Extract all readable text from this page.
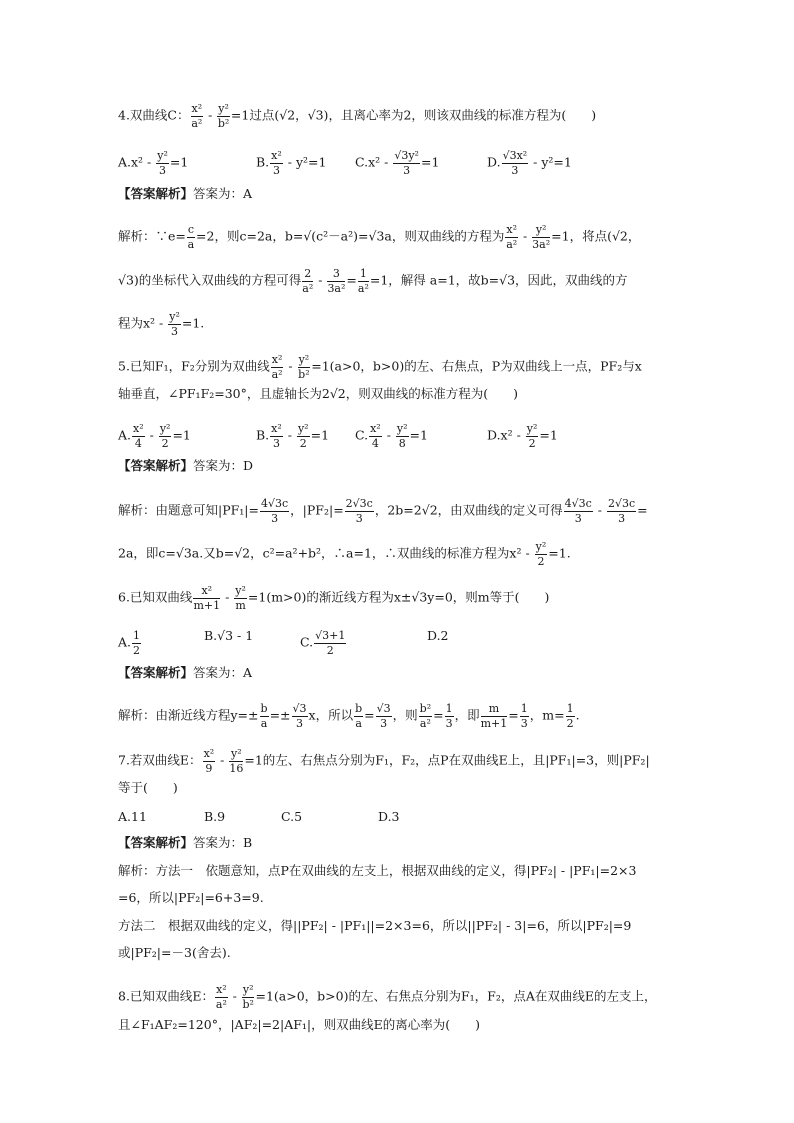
4.双曲线C： $\frac{\text{x²}}{\text{a²}} - \frac{\text{y²}}{\text{b²}} =1$过点(√2，√3)，且离心率为2，则该双曲线的标准方程为(　　)
$A.x^2 - \frac{\text{y²}}{3} =1$	B. $\frac{\text{x²}}{3} - y^2=1$ $C.x^2 - \frac{\text{√3y²}}{3} =1$	D. $\frac{\text{√3x²}}{3} - y^2=1$
【答案解析】答案为：A
解析：∵e= $\frac{c}{a} =2$，则c=2a，b=√(c²－a²)=√3a，则双曲线的方程为 $\frac{\text{x²}}{\text{a²}} - \frac{\text{y²}}{\text{3a²}} =1$，将点(√2，
√3)的坐标代入双曲线的方程可得 $\frac{2}{\text{a²}} - \frac{3}{\text{3a²}} = \frac{1}{\text{a²}} =1$，解得 a=1，故b=√3，因此，双曲线的方
程为$x^2 - \frac{\text{y²}}{3} =1$.
5.已知F₁，F₂分别为双曲线 $\frac{\text{x²}}{\text{a²}} - \frac{\text{y²}}{\text{b²}} =1(a>0$，b>0)的左、右焦点，P为双曲线上一点，PF₂与x
轴垂直，∠PF₁F₂=30°，且虚轴长为2√2，则双曲线的标准方程为(　　)
A. $\frac{\text{x²}}{4} - \frac{\text{y²}}{2} =1$	B. $\frac{\text{x²}}{3} - \frac{\text{y²}}{2} =1$ C. $\frac{\text{x²}}{4} - \frac{\text{y²}}{8} =1$	$D.x^2 - \frac{\text{y²}}{2} =1$
【答案解析】答案为：D
解析：由题意可知$|PF_1|= \frac{4√3c}{3}$ ，$|PF_2|= \frac{2√3c}{3}$ ，2b=2√2，由双曲线的定义可得 $\frac{4√3c}{3} - \frac{2√3c}{3}$ =
2a，即c=√3a.又b=√2，c²=a²+b²，∴a=1，∴双曲线的标准方程为$x^2 - \frac{\text{y²}}{2} =1$.
6.已知双曲线 $\frac{\text{x²}}{m+1} - \frac{\text{y²}}{m} =1(m>0)$的渐近线方程为x±√3y=0，则m等于(　　)
A. $\frac{1}{2}$	B.√3 - 1	C. $\frac{√3+1}{2}$	D.2
【答案解析】答案为：A
解析：由渐近线方程$y=\pm \frac{b}{a} =\pm \frac{√3}{3}$ x，所以 $\frac{b}{a} = \frac{√3}{3}$ ，则 $\frac{\text{b²}}{\text{a²}} = \frac{1}{3}$ ，即 $\frac{m}{m+1} = \frac{1}{3}$ ，$m= \frac{1}{2}$ .
7.若双曲线E： $\frac{\text{x²}}{9} - \frac{\text{y²}}{16} =1$的左、右焦点分别为F₁，F₂，点P在双曲线E上，且|PF₁|=3，则|PF₂|
等于(　　)
A.11	B.9	C.5	D.3
【答案解析】答案为：B
解析：方法一　依题意知，点P在双曲线的左支上，根据双曲线的定义，得|PF₂| - |PF₁|=2×3
=6，所以|PF₂|=6+3=9.
方法二　根据双曲线的定义，得||PF₂| - |PF₁||=2×3=6，所以||PF₂| - 3|=6，所以|PF₂|=9
或|PF₂|=－3(舍去).
8.已知双曲线E： $\frac{\text{x²}}{\text{a²}} - \frac{\text{y²}}{\text{b²}} =1(a>0$，b>0)的左、右焦点分别为F₁，F₂，点A在双曲线E的左支上，
且∠F₁AF₂=120°，|AF₂|=2|AF₁|，则双曲线E的离心率为(　　)
